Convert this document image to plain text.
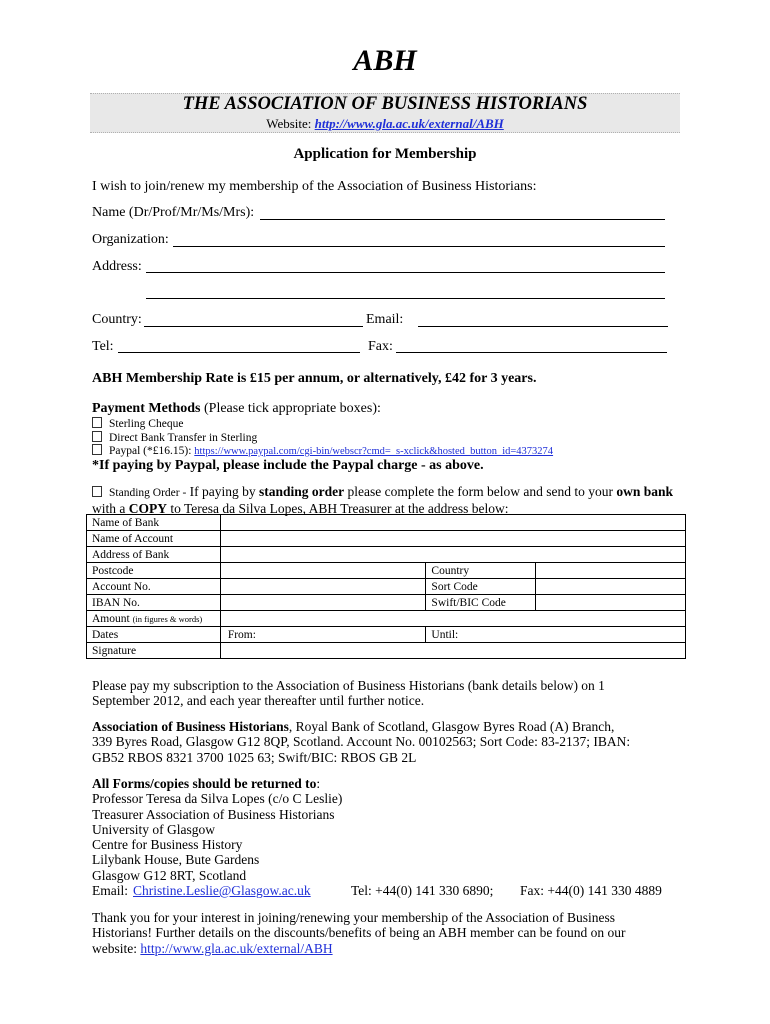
ABH
THE ASSOCIATION OF BUSINESS HISTORIANS
Website: http://www.gla.ac.uk/external/ABH
Application for Membership
I wish to join/renew my membership of the Association of Business Historians:
Name (Dr/Prof/Mr/Ms/Mrs):
Organization:
Address:
Country:	Email:
Tel:	Fax:
ABH Membership Rate is £15 per annum, or alternatively, £42 for 3 years.
Payment Methods (Please tick appropriate boxes):
Sterling Cheque
Direct Bank Transfer in Sterling
Paypal (*£16.15): https://www.paypal.com/cgi-bin/webscr?cmd=_s-xclick&hosted_button_id=4373274
*If paying by Paypal, please include the Paypal charge - as above.
Standing Order - If paying by standing order please complete the form below and send to your own bank with a COPY to Teresa da Silva Lopes, ABH Treasurer at the address below:
Name of Bank			
Name of Account			
Address of Bank			
Postcode		Country	
Account No.		Sort Code	
IBAN No.		Swift/BIC Code	
Amount (in figures & words)			
Dates	From:	Until:	
Signature			
Please pay my subscription to the Association of Business Historians (bank details below) on 1 September 2012, and each year thereafter until further notice.
Association of Business Historians, Royal Bank of Scotland, Glasgow Byres Road (A) Branch,
339 Byres Road, Glasgow G12 8QP, Scotland. Account No. 00102563; Sort Code: 83-2137; IBAN:
GB52 RBOS 8321 3700 1025 63; Swift/BIC: RBOS GB 2L
All Forms/copies should be returned to:
Professor Teresa da Silva Lopes (c/o C Leslie)
Treasurer Association of Business Historians
University of Glasgow
Centre for Business History
Lilybank House, Bute Gardens
Glasgow G12 8RT, Scotland
Email: Christine.Leslie@Glasgow.ac.uk	Tel: +44(0) 141 330 6890; Fax: +44(0) 141 330 4889
Thank you for your interest in joining/renewing your membership of the Association of Business Historians! Further details on the discounts/benefits of being an ABH member can be found on our website: http://www.gla.ac.uk/external/ABH
